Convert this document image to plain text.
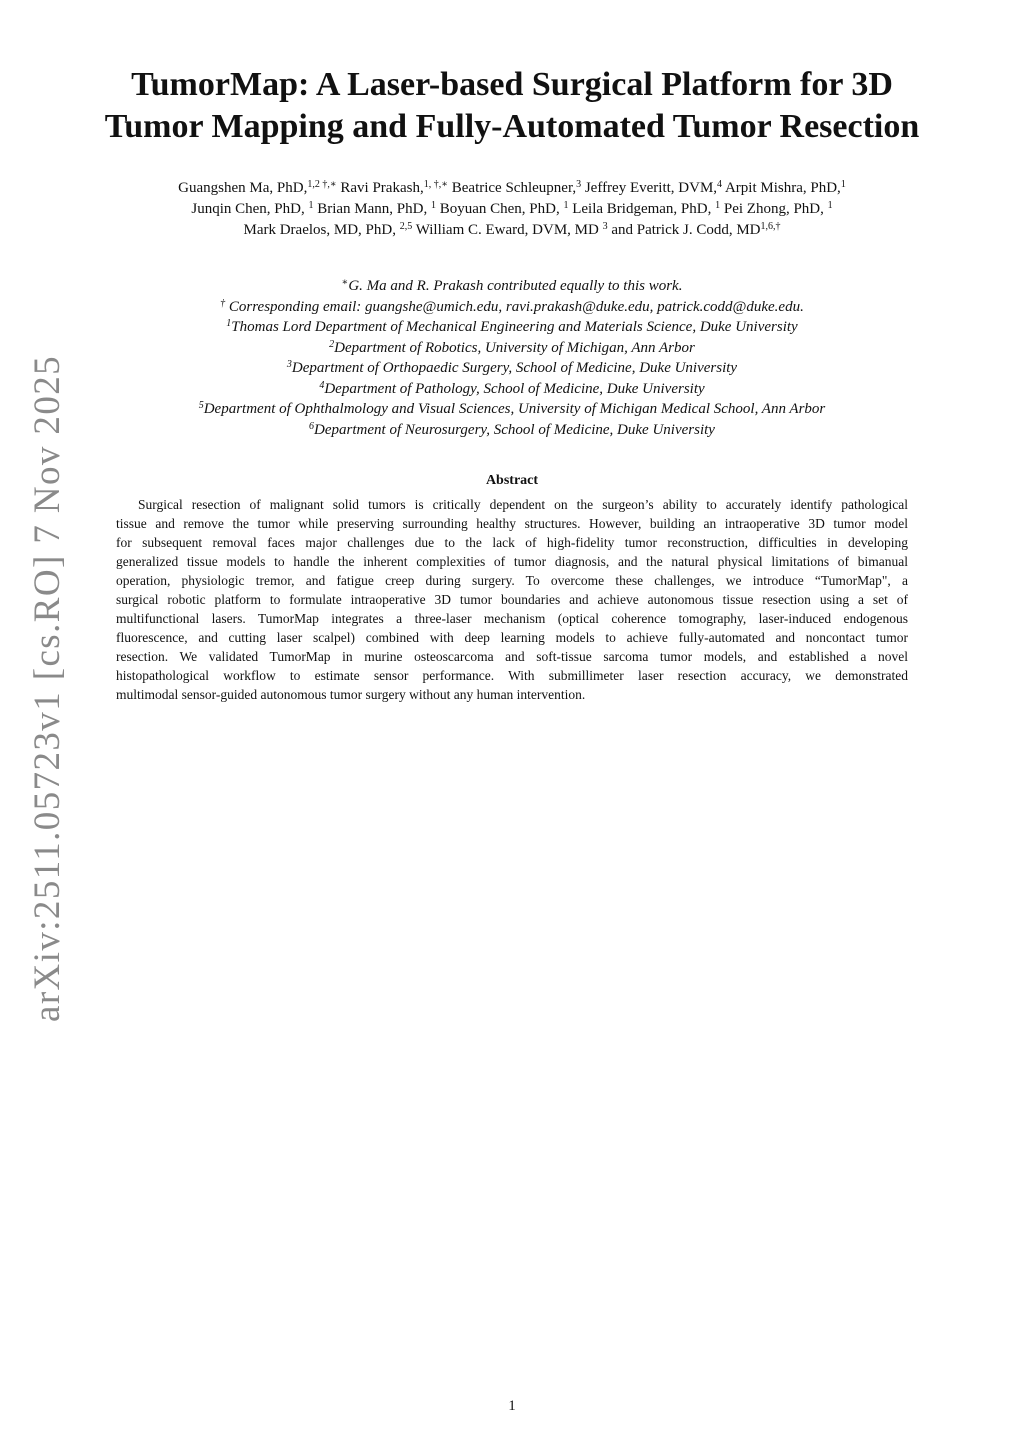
arXiv:2511.05723v1 [cs.RO] 7 Nov 2025
TumorMap: A Laser-based Surgical Platform for 3D
Tumor Mapping and Fully-Automated Tumor Resection
Guangshen Ma, PhD,$^{1,2 \dagger,∗}$ Ravi Prakash,$^{1, \dagger,∗}$ Beatrice Schleupner,$^3$ Jeffrey Everitt, DVM,$^4$ Arpit Mishra, PhD,$^1$
Junqin Chen, PhD, $^1$ Brian Mann, PhD, $^1$ Boyuan Chen, PhD, $^1$ Leila Bridgeman, PhD, $^1$ Pei Zhong, PhD, $^1$
Mark Draelos, MD, PhD, $^{2,5}$ William C. Eward, DVM, MD $^3$ and Patrick J. Codd, $MD^{1,6,\dagger}$
∗G. Ma and R. Prakash contributed equally to this work.
† Corresponding email: guangshe@umich.edu, ravi.prakash@duke.edu, patrick.codd@duke.edu.
$^1$Thomas Lord Department of Mechanical Engineering and Materials Science, Duke University
$^2$Department of Robotics, University of Michigan, Ann Arbor
$^3$Department of Orthopaedic Surgery, School of Medicine, Duke University
$^4$Department of Pathology, School of Medicine, Duke University
$^5$Department of Ophthalmology and Visual Sciences, University of Michigan Medical School, Ann Arbor
$^6$Department of Neurosurgery, School of Medicine, Duke University
Abstract
Surgical resection of malignant solid tumors is critically dependent on the surgeon’s ability to accurately identify pathological
tissue and remove the tumor while preserving surrounding healthy structures. However, building an intraoperative 3D tumor model
for subsequent removal faces major challenges due to the lack of high-fidelity tumor reconstruction, difficulties in developing
generalized tissue models to handle the inherent complexities of tumor diagnosis, and the natural physical limitations of bimanual
operation, physiologic tremor, and fatigue creep during surgery. To overcome these challenges, we introduce “TumorMap", a
surgical robotic platform to formulate intraoperative 3D tumor boundaries and achieve autonomous tissue resection using a set of
multifunctional lasers. TumorMap integrates a three-laser mechanism (optical coherence tomography, laser-induced endogenous
fluorescence, and cutting laser scalpel) combined with deep learning models to achieve fully-automated and noncontact tumor
resection. We validated TumorMap in murine osteoscarcoma and soft-tissue sarcoma tumor models, and established a novel
histopathological workflow to estimate sensor performance. With submillimeter laser resection accuracy, we demonstrated
multimodal sensor-guided autonomous tumor surgery without any human intervention.
1
